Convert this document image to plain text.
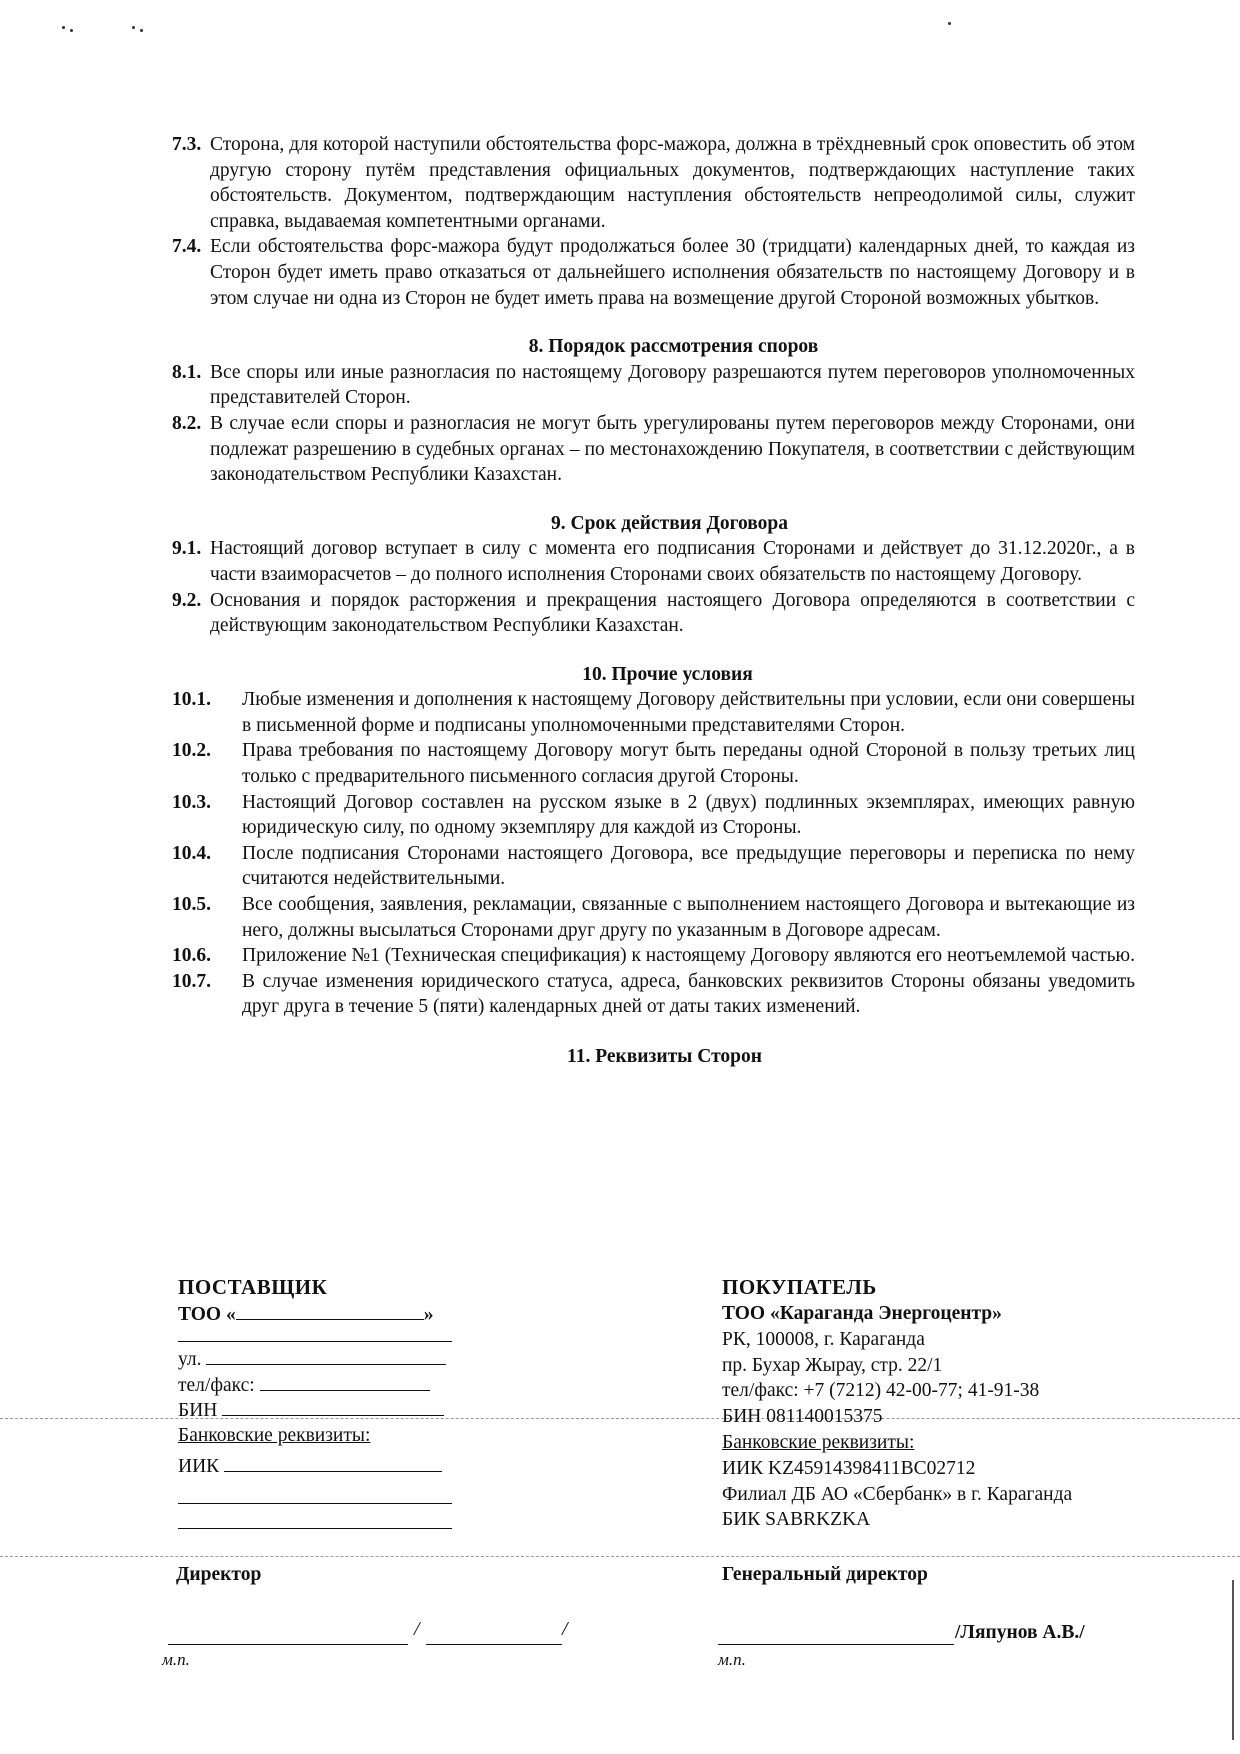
7.3. Сторона, для которой наступили обстоятельства форс-мажора, должна в трёхдневный срок оповестить об этом другую сторону путём представления официальных документов, подтверждающих наступление таких обстоятельств. Документом, подтверждающим наступления обстоятельств непреодолимой силы, служит справка, выдаваемая компетентными органами.
7.4. Если обстоятельства форс-мажора будут продолжаться более 30 (тридцати) календарных дней, то каждая из Сторон будет иметь право отказаться от дальнейшего исполнения обязательств по настоящему Договору и в этом случае ни одна из Сторон не будет иметь права на возмещение другой Стороной возможных убытков.
8. Порядок рассмотрения споров
8.1. Все споры или иные разногласия по настоящему Договору разрешаются путем переговоров уполномоченных представителей Сторон.
8.2. В случае если споры и разногласия не могут быть урегулированы путем переговоров между Сторонами, они подлежат разрешению в судебных органах – по местонахождению Покупателя, в соответствии с действующим законодательством Республики Казахстан.
9. Срок действия Договора
9.1. Настоящий договор вступает в силу с момента его подписания Сторонами и действует до 31.12.2020г., а в части взаиморасчетов – до полного исполнения Сторонами своих обязательств по настоящему Договору.
9.2. Основания и порядок расторжения и прекращения настоящего Договора определяются в соответствии с действующим законодательством Республики Казахстан.
10. Прочие условия
10.1.	Любые изменения и дополнения к настоящему Договору действительны при условии, если они совершены в письменной форме и подписаны уполномоченными представителями Сторон.
10.2.	Права требования по настоящему Договору могут быть переданы одной Стороной в пользу третьих лиц только с предварительного письменного согласия другой Стороны.
10.3.	Настоящий Договор составлен на русском языке в 2 (двух) подлинных экземплярах, имеющих равную юридическую силу, по одному экземпляру для каждой из Стороны.
10.4.	После подписания Сторонами настоящего Договора, все предыдущие переговоры и переписка по нему считаются недействительными.
10.5.	Все сообщения, заявления, рекламации, связанные с выполнением настоящего Договора и вытекающие из него, должны высылаться Сторонами друг другу по указанным в Договоре адресам.
10.6.	Приложение №1 (Техническая спецификация) к настоящему Договору являются его неотъемлемой частью.
10.7.	В случае изменения юридического статуса, адреса, банковских реквизитов Стороны обязаны уведомить друг друга в течение 5 (пяти) календарных дней от даты таких изменений.
11. Реквизиты Сторон
ПОСТАВЩИК
ТОО «	»
ул.
тел/факс:
БИН
Банковские реквизиты:
ИИК
ПОКУПАТЕЛЬ
ТОО «Караганда Энергоцентр»
РК, 100008, г. Караганда
пр. Бухар Жырау, стр. 22/1
тел/факс: +7 (7212) 42-00-77; 41-91-38
БИН 081140015375
Банковские реквизиты:
ИИК KZ45914398411BC02712
Филиал ДБ АО «Сбербанк» в г. Караганда
БИК SABRKZKA
Директор	Генеральный директор
/	/	/Ляпунов А.В./
м.п.	м.п.
